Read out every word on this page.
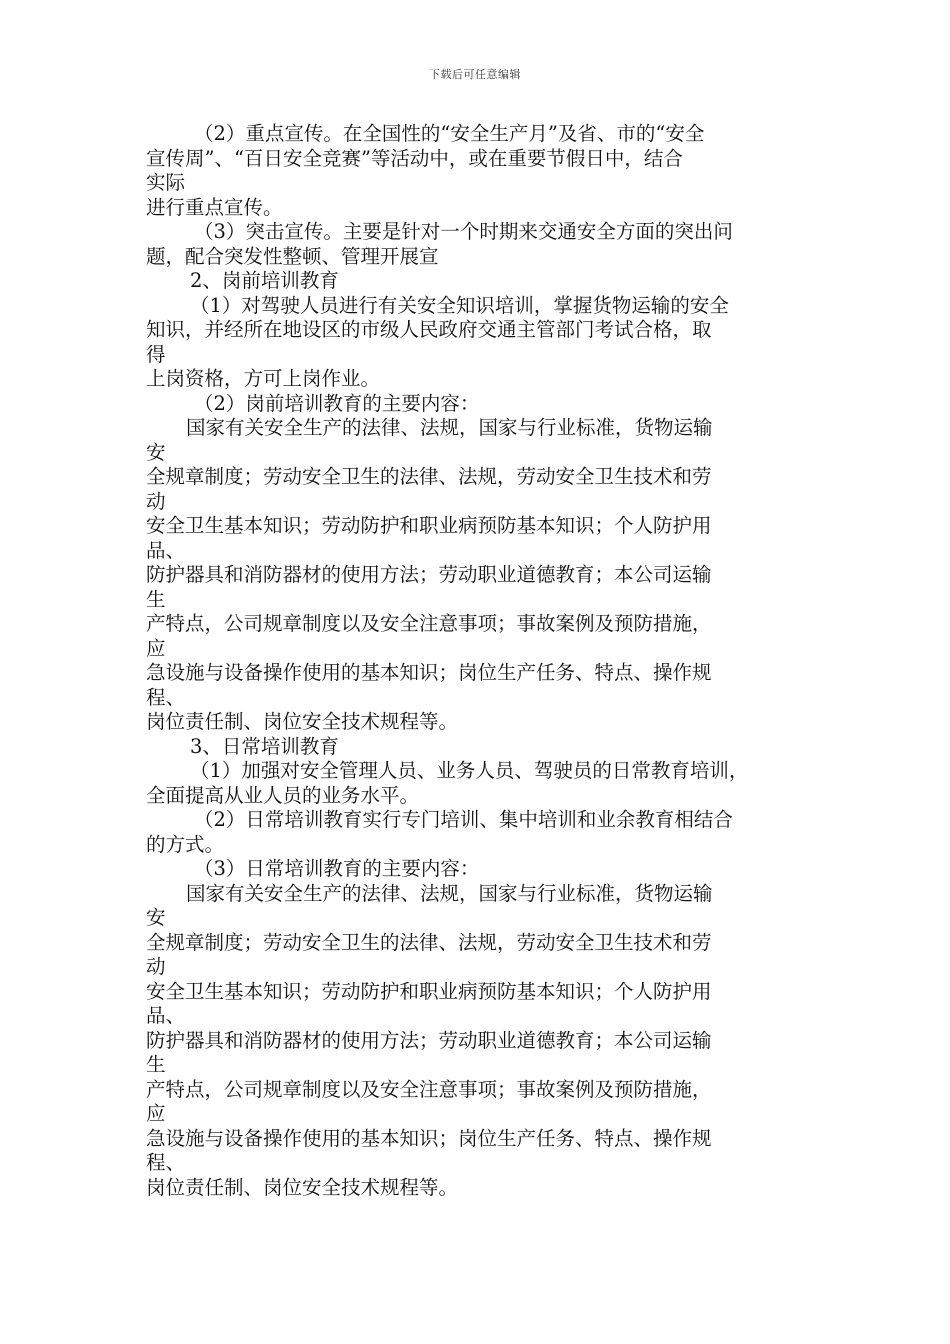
下载后可任意编辑
（2）重点宣传。在全国性的“安全生产月”及省、市的“安全
宣传周”、“百日安全竞赛”等活动中，或在重要节假日中，结合
实际
进行重点宣传。
（3）突击宣传。主要是针对一个时期来交通安全方面的突出问
题，配合突发性整顿、管理开展宣
2、岗前培训教育
（1）对驾驶人员进行有关安全知识培训，掌握货物运输的安全
知识，并经所在地设区的市级人民政府交通主管部门考试合格，取
得
上岗资格，方可上岗作业。
（2）岗前培训教育的主要内容：
国家有关安全生产的法律、法规，国家与行业标准，货物运输
安
全规章制度；劳动安全卫生的法律、法规，劳动安全卫生技术和劳
动
安全卫生基本知识；劳动防护和职业病预防基本知识；个人防护用
品、
防护器具和消防器材的使用方法；劳动职业道德教育；本公司运输
生
产特点，公司规章制度以及安全注意事项；事故案例及预防措施，
应
急设施与设备操作使用的基本知识；岗位生产任务、特点、操作规
程、
岗位责任制、岗位安全技术规程等。
3、日常培训教育
（1）加强对安全管理人员、业务人员、驾驶员的日常教育培训，
全面提高从业人员的业务水平。
（2）日常培训教育实行专门培训、集中培训和业余教育相结合
的方式。
（3）日常培训教育的主要内容：
国家有关安全生产的法律、法规，国家与行业标准，货物运输
安
全规章制度；劳动安全卫生的法律、法规，劳动安全卫生技术和劳
动
安全卫生基本知识；劳动防护和职业病预防基本知识；个人防护用
品、
防护器具和消防器材的使用方法；劳动职业道德教育；本公司运输
生
产特点，公司规章制度以及安全注意事项；事故案例及预防措施，
应
急设施与设备操作使用的基本知识；岗位生产任务、特点、操作规
程、
岗位责任制、岗位安全技术规程等。
